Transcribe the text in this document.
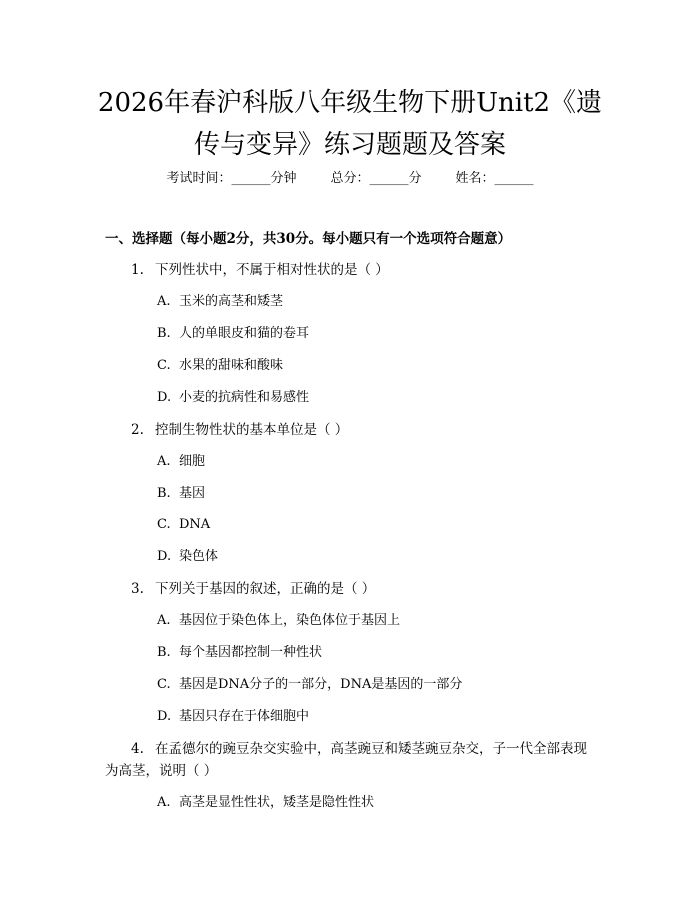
2026年春沪科版八年级生物下册Unit2《遗
传与变异》练习题题及答案
考试时间：______分钟	总分：______分	姓名：______
一、选择题（每小题2分，共30分。每小题只有一个选项符合题意）
1. 下列性状中，不属于相对性状的是（ ）
A. 玉米的高茎和矮茎
B. 人的单眼皮和猫的卷耳
C. 水果的甜味和酸味
D. 小麦的抗病性和易感性
2. 控制生物性状的基本单位是（ ）
A. 细胞
B. 基因
C. DNA
D. 染色体
3. 下列关于基因的叙述，正确的是（ ）
A. 基因位于染色体上，染色体位于基因上
B. 每个基因都控制一种性状
C. 基因是DNA分子的一部分，DNA是基因的一部分
D. 基因只存在于体细胞中
4. 在孟德尔的豌豆杂交实验中，高茎豌豆和矮茎豌豆杂交，子一代全部表现
为高茎，说明（ ）
A. 高茎是显性性状，矮茎是隐性性状
